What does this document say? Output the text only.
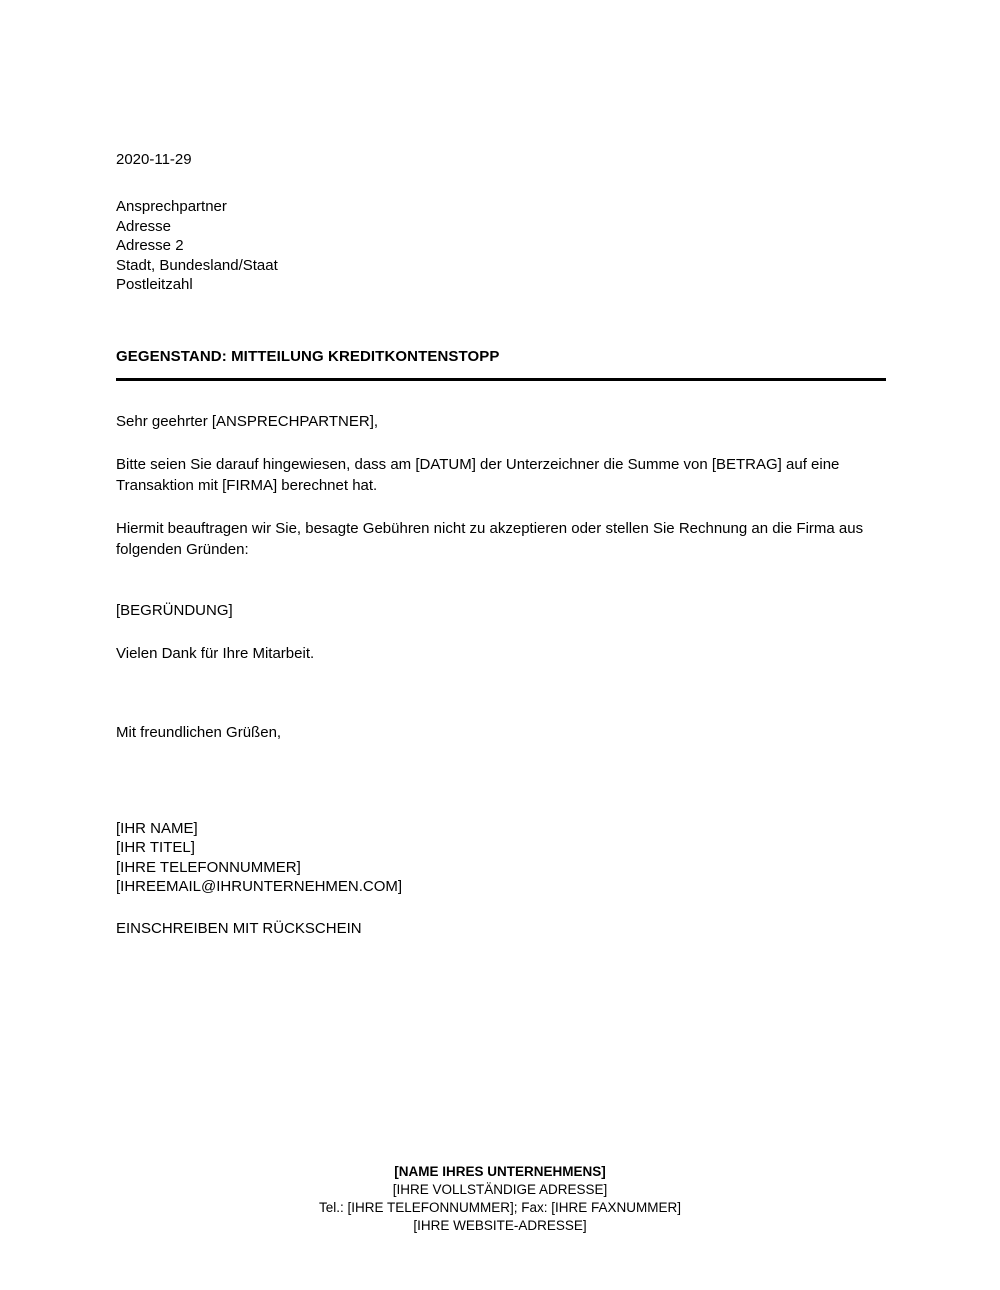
2020-11-29
Ansprechpartner
Adresse
Adresse 2
Stadt, Bundesland/Staat
Postleitzahl
GEGENSTAND: MITTEILUNG KREDITKONTENSTOPP

Sehr geehrter [ANSPRECHPARTNER],

Bitte seien Sie darauf hingewiesen, dass am [DATUM] der Unterzeichner die Summe von [BETRAG] auf eine Transaktion mit [FIRMA] berechnet hat.

Hiermit beauftragen wir Sie, besagte Gebühren nicht zu akzeptieren oder stellen Sie Rechnung an die Firma aus folgenden Gründen:

[BEGRÜNDUNG]

Vielen Dank für Ihre Mitarbeit.

Mit freundlichen Grüßen,

[IHR NAME]
[IHR TITEL]
[IHRE TELEFONNUMMER]
[IHREEMAIL@IHRUNTERNEHMEN.COM]
EINSCHREIBEN MIT RÜCKSCHEIN
[NAME IHRES UNTERNEHMENS]
[IHRE VOLLSTÄNDIGE ADRESSE]
Tel.: [IHRE TELEFONNUMMER]; Fax: [IHRE FAXNUMMER]
[IHRE WEBSITE-ADRESSE]
